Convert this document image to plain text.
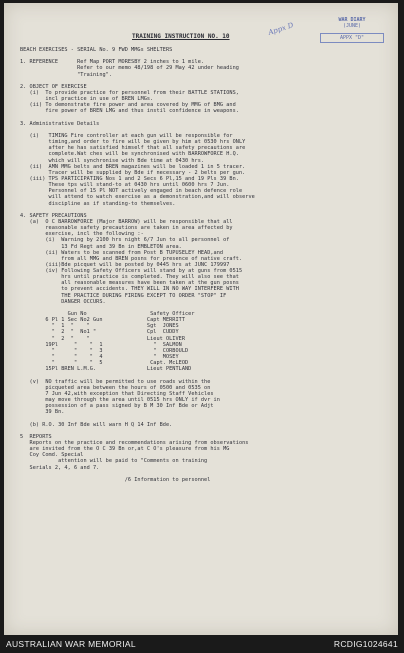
WAR DIARY
(JUNE)
APPX "D"
Appx D
TRAINING INSTRUCTION NO. 10
BEACH EXERCISES - SERIAL No. 9 FWD MMGs SHELTERS
1. REFERENCE      Ref Map PORT MORESBY 2 inches to 1 mile.
Refer to our memo 48/198 of 29 May 42 under heading
"Training".
2. OBJECT OF EXERCISE
(i)  To provide practice for personnel from their BATTLE STATIONS,
incl practice in use of BREN LMGs.
(ii) To demonstrate fire power and area covered by MMG of BMG and
fire power of BREN LMG and thus instil confidence in weapons.
3. Administrative Details
(i)   TIMING Fire controller at each gun will be responsible for
timing,and order to fire will be given by him at 0530 hrs ONLY
after he has satisfied himself that all safety precautions are
complete.Wat ches will be synchronised with BARROWFORCE H.Q.
which will synchronise with Bde time at 0430 hrs.
(ii)  AMN MMG belts and BREN magazines will be loaded 1 in 5 tracer.
Tracer will be supplied by Bde if necessary - 2 belts per gun.
(iii) TPS PARTICIPATING Nos 1 and 2 Secs 6 Pl,15 and 19 Pls 39 Bn.
These tps will stand-to at 0430 hrs until 0600 hrs 7 Jun.
Personnel of 15 Pl NOT actively engaged in beach defence role
will attend to watch exercise as a demonstration,and will observe
discipline as if standing-to themselves.
4. SAFETY PRECAUTIONS
(a)  O C BARROWFORCE (Major BARROW) will be responsible that all
reasonable safety precautions are taken in area affected by
exercise, incl the following :-
(i)  Warning by 2100 hrs night 6/7 Jun to all personnel of
13 Fd Regt and 39 Bn in EMBLETON area.
(ii) Waters to be scanned from Post B TUPUSELEY HEAD,and
from all MMG and BREN posns for presence of native craft.
(iii)Bde picquet will be posted by 0445 hrs at JUNC 179997
(iv) Following Safety Officers will stand by at guns from 0515
hrs until practice is completed. They will also see that
all reasonable measures have been taken at the gun posns
to prevent accidents. THEY WILL IN NO WAY INTERFERE WITH
THE PRACTICE DURING FIRING EXCEPT TO ORDER "STOP" IF
DANGER OCCURS.
Gun No                    Safety Officer
6 Pl 1 Sec No2 Gun              Capt MERRITT
"  1  "    "                  Sgt  JONES
"  2  "  No1 "                Cpl  CUDDY
"  2  "    "                  Lieut OLIVER
19Pl     "    "  1                "  SALMON
"      "    "  3                "  CORBOULD
"      "    "  4                "  MOSEY
"      "    "  5               Capt. McLEOD
15Pl BREN L.M.G.                Lieut PENTLAND
(v)  NO traffic will be permitted to use roads within the
picqueted area between the hours of 0500 and 0535 on
7 Jun 42,with exception that Directing Staff Vehicles
may move through the area until 0515 hrs ONLY if dvr in
possession of a pass signed by B M 30 Inf Bde or Adjt
39 Bn.
(b) R.O. 30 Inf Bde will warn H Q 14 Inf Bde.
5  REPORTS
Reports on the practice and recommendations arising from observations
are invited from the O C 39 Bn or,at C O's pleasure from his MG
Coy Comd. Special
attention will be paid to "Comments on training
Serials 2, 4, 6 and 7.
/6 Information to personnel
AUSTRALIAN WAR MEMORIAL	RCDIG1024641
